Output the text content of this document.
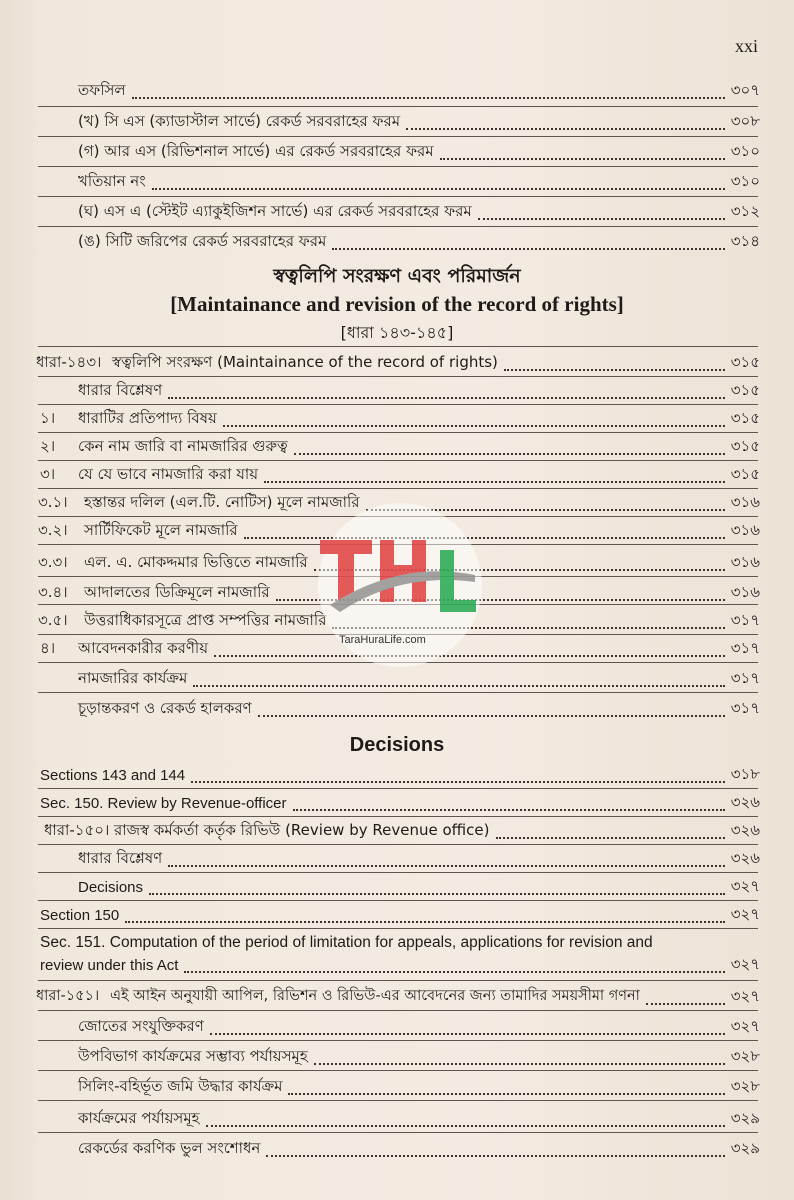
xxi
তফসিল	৩০৭
(খ) সি এস (ক্যাডাস্টাল সার্ভে) রেকর্ড সরবরাহের ফরম	৩০৮
(গ) আর এস (রিভিশনাল সার্ভে) এর রেকর্ড সরবরাহের ফরম	৩১০
খতিয়ান নং	৩১০
(ঘ) এস এ (স্টেইট এ্যাকুইজিশন সার্ভে) এর রেকর্ড সরবরাহের ফরম	৩১২
(ঙ) সিটি জরিপের রেকর্ড সরবরাহের ফরম	৩১৪
স্বত্বলিপি সংরক্ষণ এবং পরিমার্জন
[Maintainance and revision of the record of rights]
[ধারা ১৪৩-১৪৫]
ধারা-১৪৩। স্বত্বলিপি সংরক্ষণ (Maintainance of the record of rights)	৩১৫
ধারার বিশ্লেষণ	৩১৫
১।	ধারাটির প্রতিপাদ্য বিষয়	৩১৫
২।	কেন নাম জারি বা নামজারির গুরুত্ব	৩১৫
৩।	যে যে ভাবে নামজারি করা যায়	৩১৫
৩.১।	হস্তান্তর দলিল (এল.টি. নোটিস) মূলে নামজারি	৩১৬
৩.২।	সার্টিফিকেট মূলে নামজারি	৩১৬
৩.৩।	এল. এ. মোকদ্দমার ভিত্তিতে নামজারি	৩১৬
৩.৪।	আদালতের ডিক্রিমূলে নামজারি	৩১৬
৩.৫।	উত্তরাধিকারসূত্রে প্রাপ্ত সম্পত্তির নামজারি	৩১৭
৪।	আবেদনকারীর করণীয়	৩১৭
নামজারির কার্যক্রম	৩১৭
চূড়ান্তকরণ ও রেকর্ড হালকরণ	৩১৭
Decisions
Sections 143 and 144	৩১৮
Sec. 150. Review by Revenue-officer	৩২৬
ধারা-১৫০। রাজস্ব কর্মকর্তা কর্তৃক রিভিউ (Review by Revenue office)	৩২৬
ধারার বিশ্লেষণ	৩২৬
Decisions	৩২৭
Section 150	৩২৭
Sec. 151. Computation of the period of limitation for appeals, applications for revision and
review under this Act	৩২৭
ধারা-১৫১। এই আইন অনুযায়ী আপিল, রিভিশন ও রিভিউ-এর আবেদনের জন্য তামাদির সময়সীমা গণনা	৩২৭
জোতের সংযুক্তিকরণ	৩২৭
উপবিভাগ কার্যক্রমের সম্ভাব্য পর্যায়সমূহ	৩২৮
সিলিং-বহির্ভূত জমি উদ্ধার কার্যক্রম	৩২৮
কার্যক্রমের পর্যায়সমূহ	৩২৯
রেকর্ডের করণিক ভুল সংশোধন	৩২৯
TaraHuraLife.com
